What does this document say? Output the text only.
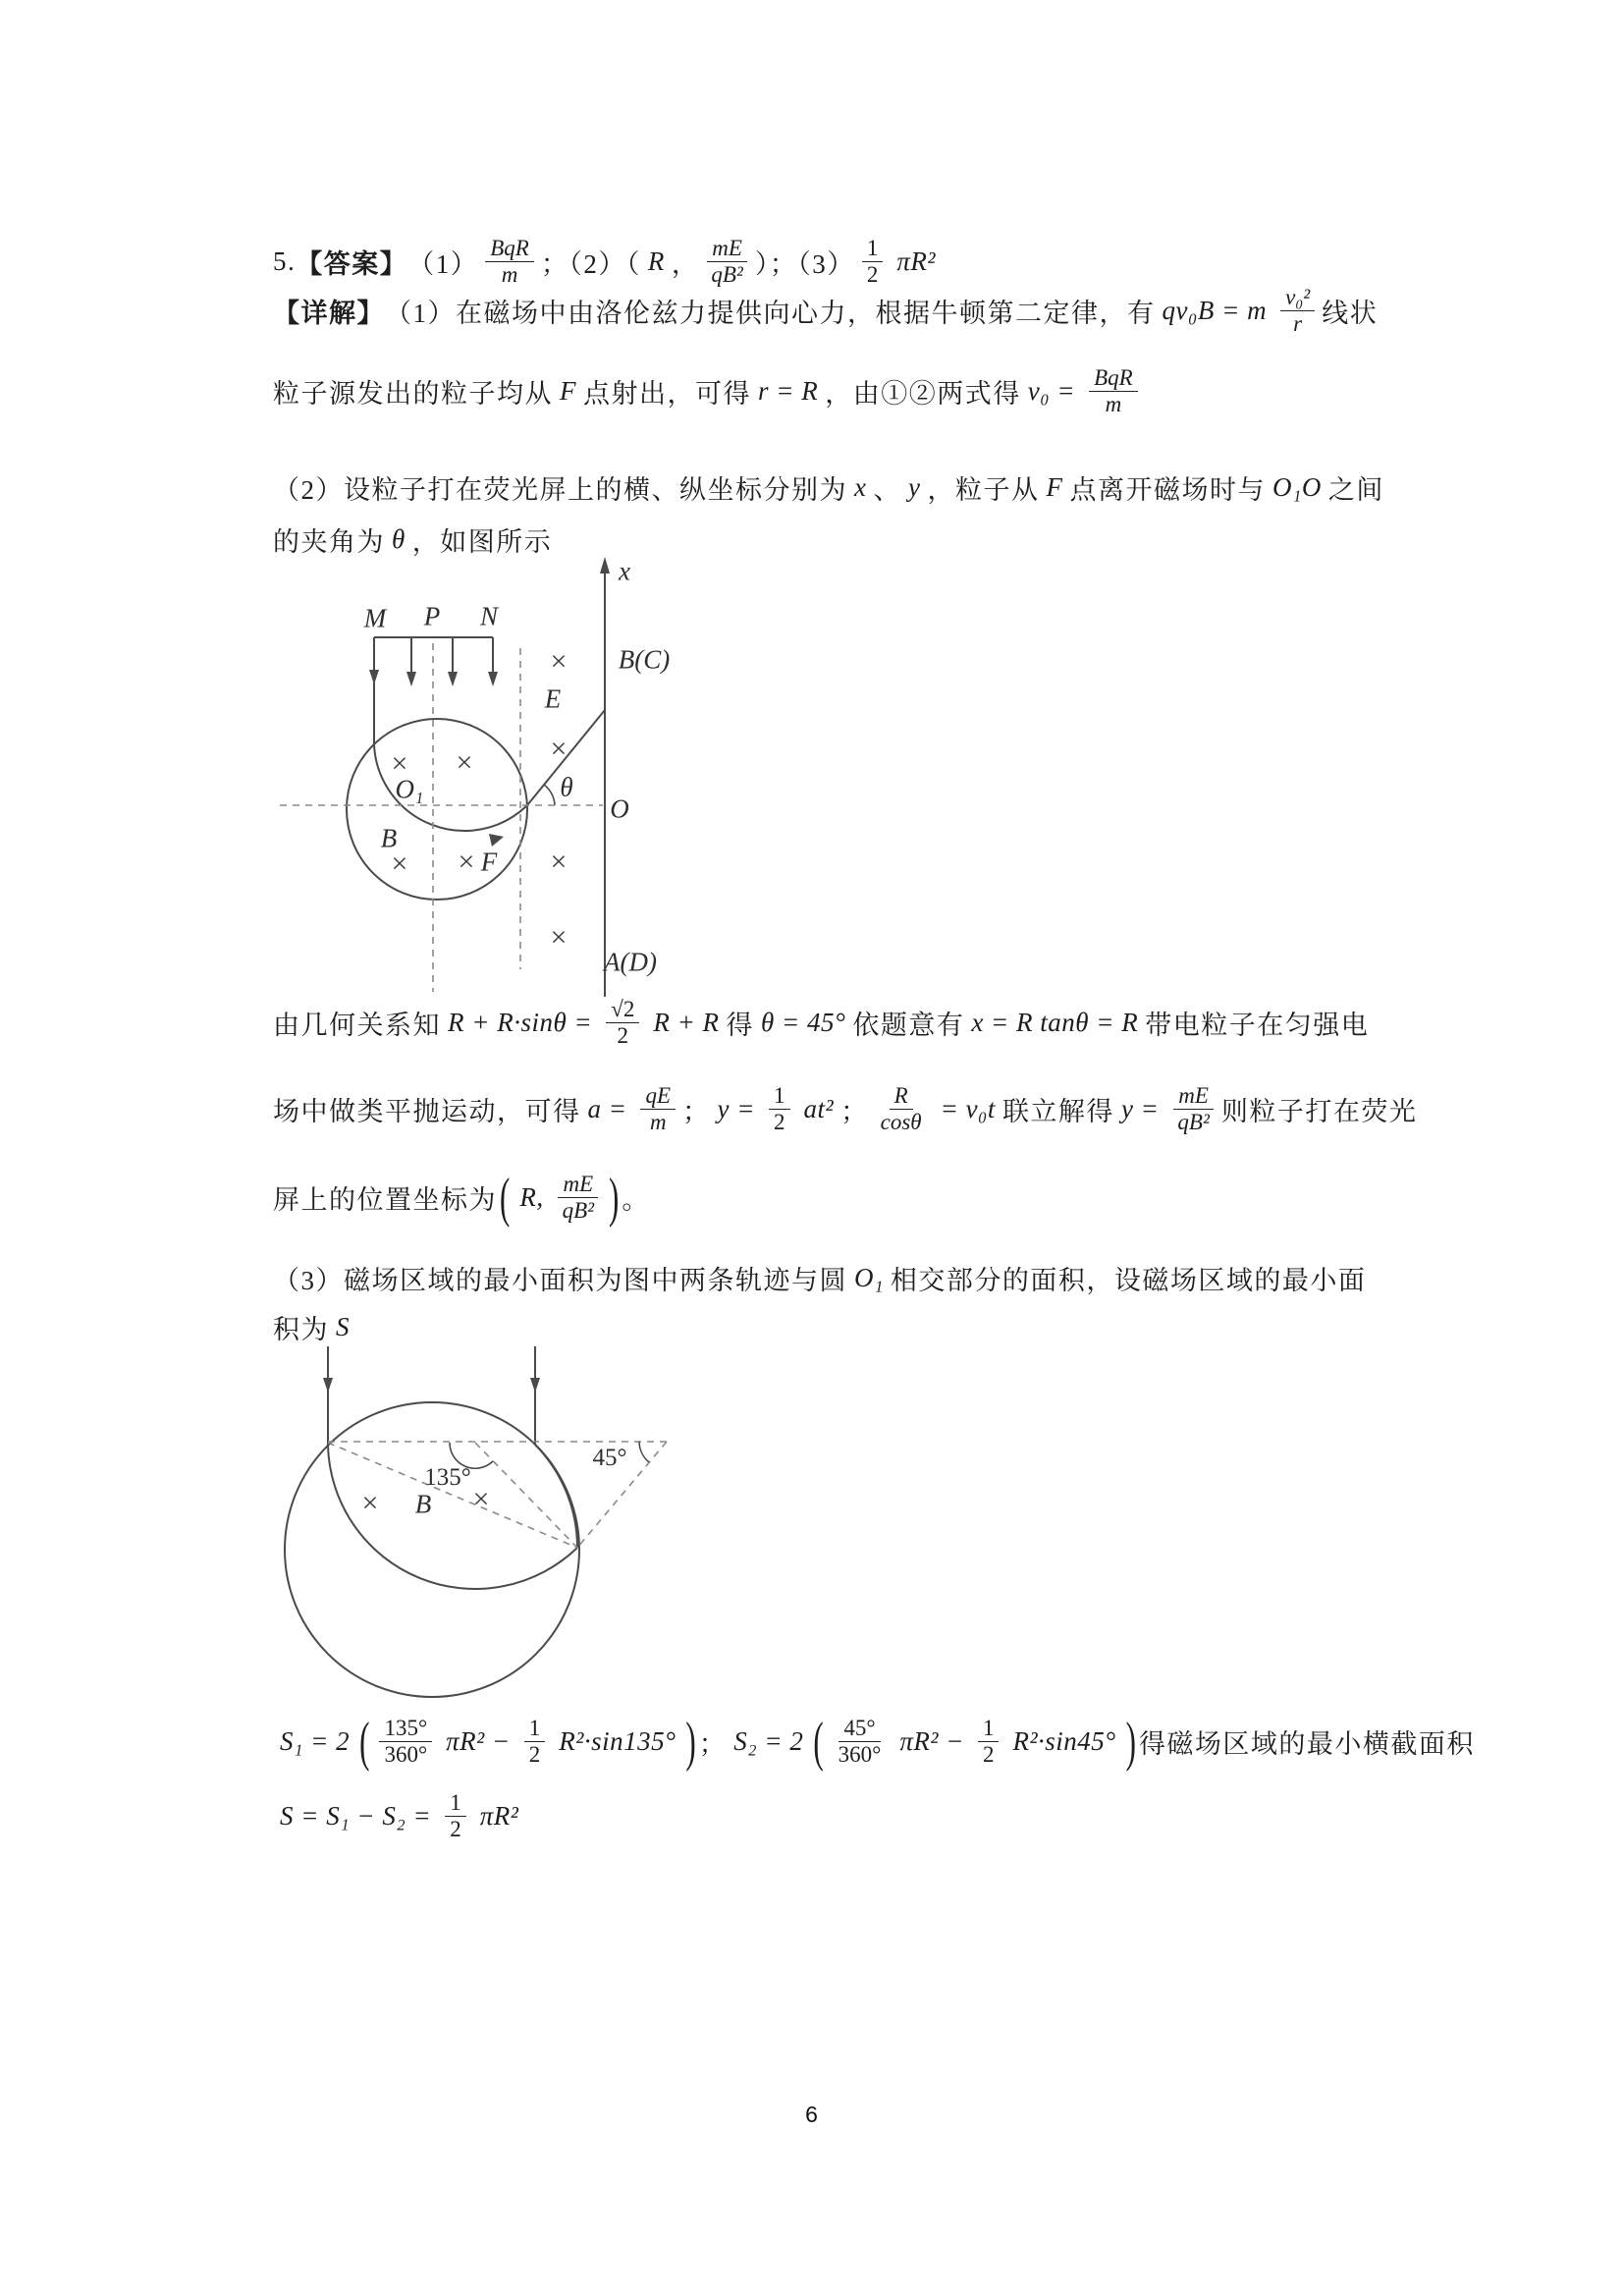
5. 【答案】 $(1) \frac{\text{BqR}}{m}$ ；（2）（ R ， $\frac{mE}{\text{qB²}}$ ）；$(3) \frac{1}{2} \pi R^2$
【详解】 （1）在磁场中由洛伦兹力提供向心力，根据牛顿第二定律，有 qv₀B = m $\frac{\text{v₀²}}{r}$ 线状
粒子源发出的粒子均从 F 点射出，可得 r = R ，由①②两式得 $v_0 = \frac{\text{BqR}}{m}$
（2）设粒子打在荧光屏上的横、纵坐标分别为 x 、 y ，粒子从 F 点离开磁场时与 O₁O 之间
的夹角为 θ ，如图所示
M P N
x
B(C)
E
O
A(D)
O₁
B
F
θ
× ×
× ×
×
×
×
×
由几何关系知 $R + R\cdot\sin\theta = \frac{√2}{2}$ R + R 得 θ = 45° 依题意有 x = R tanθ = R 带电粒子在匀强电
场中做类平抛运动，可得 $a = \frac{qE}{m}$ ； $y = \frac{1}{2} at^2$ ； $\frac{R}{\cos\theta} = v_0t$ 联立解得 $y = \frac{mE}{\text{qB²}}$ 则粒子打在荧光
屏上的位置坐标为 ( R, $\frac{mE}{\text{qB²}}$ ) 。
（3）磁场区域的最小面积为图中两条轨迹与圆 O₁ 相交部分的面积，设磁场区域的最小面
积为 S
135°
45°
× B ×
S₁ = 2 ( $\frac{135^\circ}{360^\circ} \pi R^2 - \frac{1}{2} R^2\cdot\sin 135^\circ$ ) ； S₂ = 2 ( $\frac{45^\circ}{360^\circ} \pi R^2 - \frac{1}{2} R^2\cdot\sin 45^\circ$ ) 得磁场区域的最小横截面积
$S = S_1 - S_2 = \frac{1}{2} \pi R^2$
6
